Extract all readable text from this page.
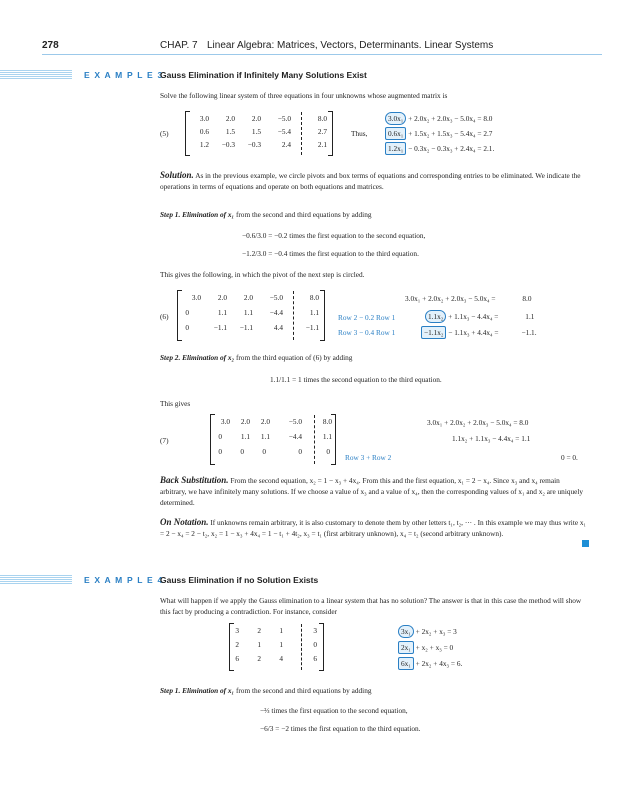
278	CHAP. 7 Linear Algebra: Matrices, Vectors, Determinants. Linear Systems
E X A M P L E 3
Gauss Elimination if Infinitely Many Solutions Exist
Solve the following linear system of three equations in four unknowns whose augmented matrix is
(5)
3.0	2.0	2.0	−5.0	8.0
0.6	1.5	1.5	−5.4	2.7
1.2	−0.3	−0.3	2.4	2.1
Thus,
3.0x₁ + 2.0x₂ + 2.0x₃ − 5.0x₄ = 8.0
0.6x₁ + 1.5x₂ + 1.5x₃ − 5.4x₄ = 2.7
1.2x₁ − 0.3x₂ − 0.3x₃ + 2.4x₄ = 2.1.
Solution. As in the previous example, we circle pivots and box terms of equations and corresponding entries to be eliminated. We indicate the operations in terms of equations and operate on both equations and matrices.
Step 1. Elimination of x₁ from the second and third equations by adding
−0.6/3.0 = −0.2 times the first equation to the second equation,
−1.2/3.0 = −0.4 times the first equation to the third equation.
This gives the following, in which the pivot of the next step is circled.
(6)
3.0	2.0	2.0	−5.0	8.0
0	1.1	1.1	−4.4	1.1
0	−1.1	−1.1	4.4	−1.1
Row 2 − 0.2 Row 1
Row 3 − 0.4 Row 1
3.0x₁ + 2.0x₂ + 2.0x₃ − 5.0x₄ =	8.0
1.1x₂ + 1.1x₃ − 4.4x₄ =	1.1
−1.1x₂ − 1.1x₃ + 4.4x₄ =	−1.1.
Step 2. Elimination of x₂ from the third equation of (6) by adding
1.1/1.1 = 1 times the second equation to the third equation.
This gives
(7)
3.0	2.0	2.0	−5.0	8.0
0	1.1	1.1	−4.4	1.1
0	0	0	0	0
Row 3 + Row 2
3.0x₁ + 2.0x₂ + 2.0x₃ − 5.0x₄ = 8.0
1.1x₂ + 1.1x₃ − 4.4x₄ = 1.1
0 = 0.
Back Substitution. From the second equation, x₂ = 1 − x₃ + 4x₄. From this and the first equation, x₁ = 2 − x₄. Since x₃ and x₄ remain arbitrary, we have infinitely many solutions. If we choose a value of x₃ and a value of x₄, then the corresponding values of x₁ and x₂ are uniquely determined.
On Notation. If unknowns remain arbitrary, it is also customary to denote them by other letters t₁, t₂, ··· . In this example we may thus write x₁ = 2 − x₄ = 2 − t₂, x₂ = 1 − x₃ + 4x₄ = 1 − t₁ + 4t₂, x₃ = t₁ (first arbitrary unknown), x₄ = t₂ (second arbitrary unknown).
E X A M P L E 4
Gauss Elimination if no Solution Exists
What will happen if we apply the Gauss elimination to a linear system that has no solution? The answer is that in this case the method will show this fact by producing a contradiction. For instance, consider
3	2	1	3
2	1	1	0
6	2	4	6
3x₁ + 2x₂ + x₃ = 3
2x₁ + x₂ + x₃ = 0
6x₁ + 2x₂ + 4x₃ = 6.
Step 1. Elimination of x₁ from the second and third equations by adding
−⅔ times the first equation to the second equation,
−6/3 = −2 times the first equation to the third equation.
